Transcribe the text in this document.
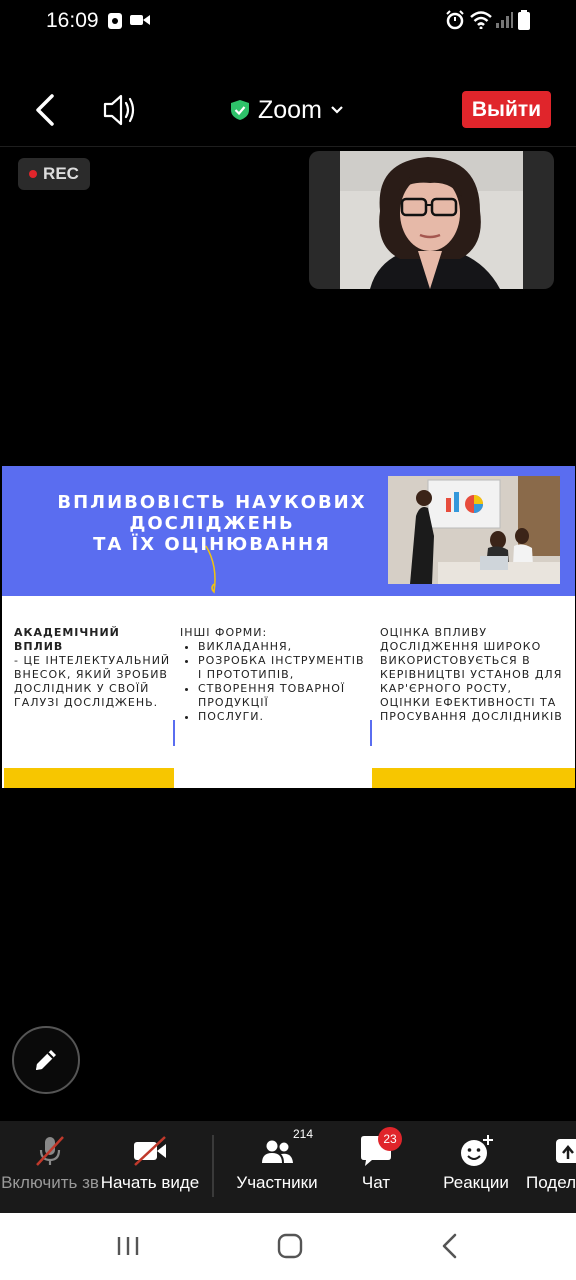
16:09
Zoom	Выйти
REC
ВПЛИВОВІСТЬ НАУКОВИХ
ДОСЛІДЖЕНЬ
ТА ЇХ ОЦІНЮВАННЯ
АКАДЕМІЧНИЙ ВПЛИВ
- ЦЕ ІНТЕЛЕКТУАЛЬНИЙ ВНЕСОК, ЯКИЙ ЗРОБИВ ДОСЛІДНИК У СВОЇЙ ГАЛУЗІ ДОСЛІДЖЕНЬ.
ІНШІ ФОРМИ:
• ВИКЛАДАННЯ,
• РОЗРОБКА ІНСТРУМЕНТІВ І ПРОТОТИПІВ,
• СТВОРЕННЯ ТОВАРНОЇ ПРОДУКЦІЇ
• ПОСЛУГИ.
ОЦІНКА ВПЛИВУ ДОСЛІДЖЕННЯ ШИРОКО ВИКОРИСТОВУЄТЬСЯ В КЕРІВНИЦТВІ УСТАНОВ ДЛЯ КАР'ЄРНОГО РОСТУ, ОЦІНКИ ЕФЕКТИВНОСТІ ТА ПРОСУВАННЯ ДОСЛІДНИКІВ
Включить зв Начать виде
214
Участники
23
Чат	Реакции Подел
